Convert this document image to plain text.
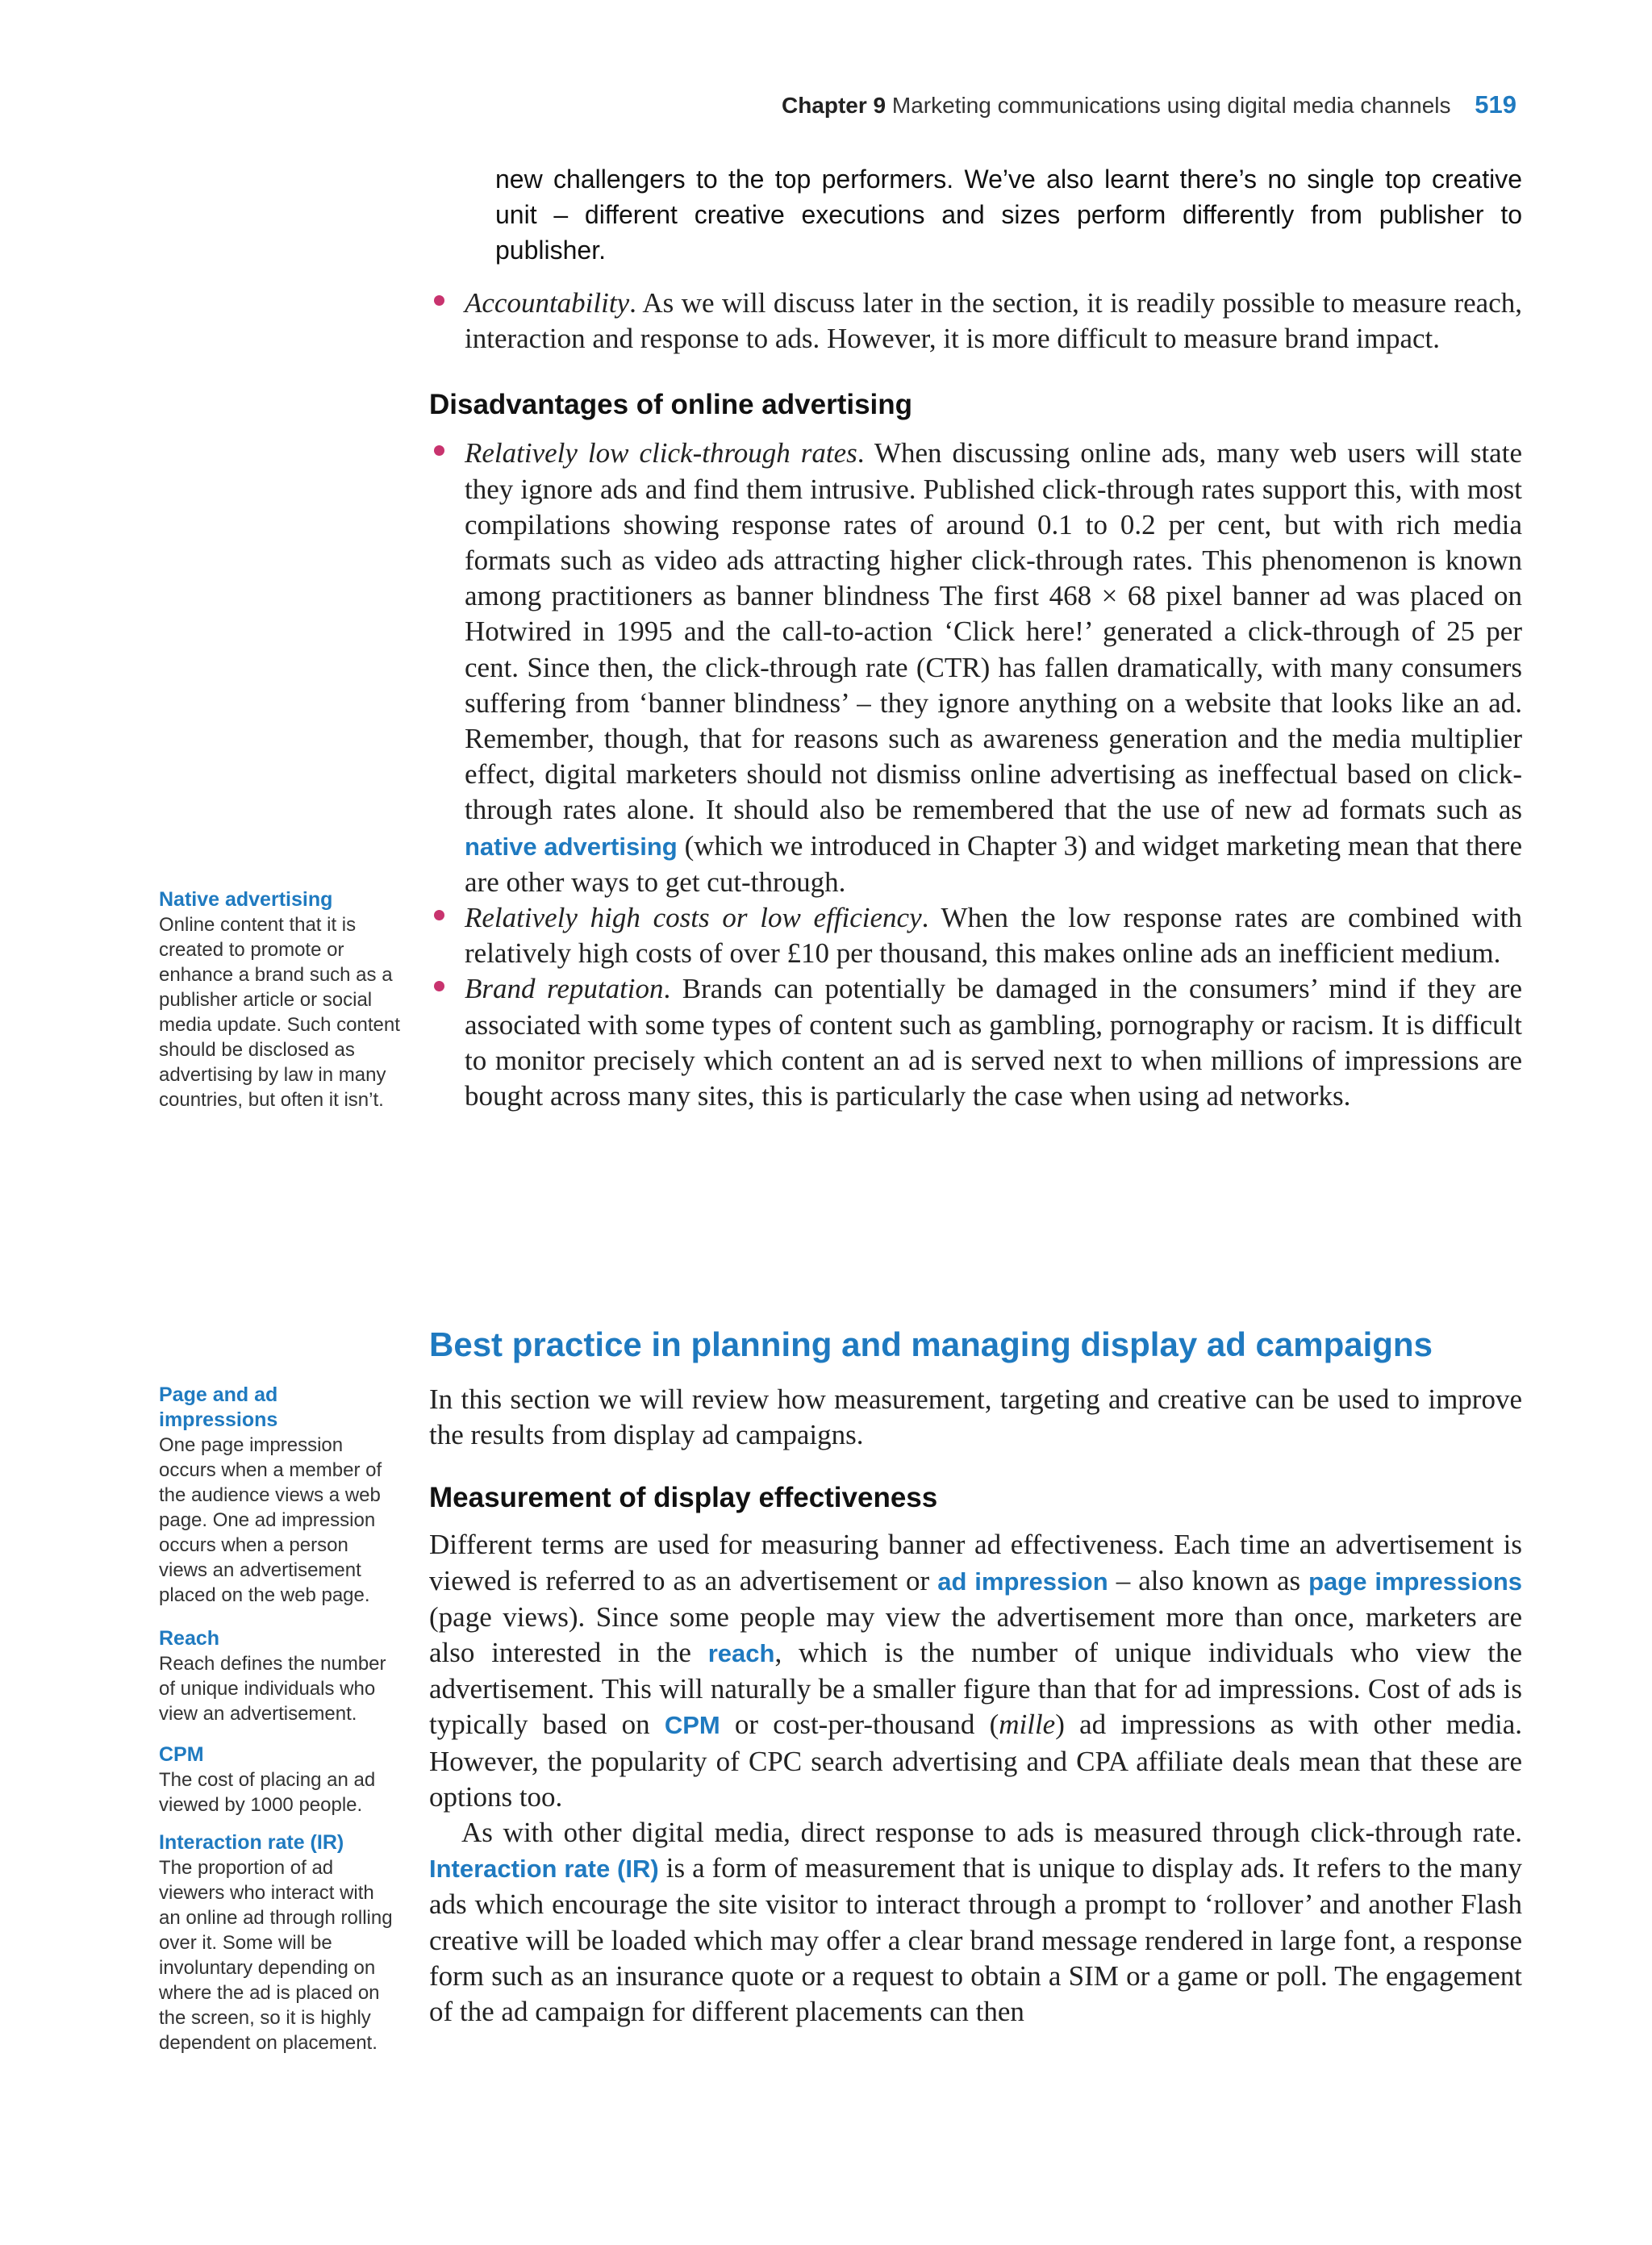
Chapter 9 Marketing communications using digital media channels 519
new challengers to the top performers. We’ve also learnt there’s no single top creative unit – different creative executions and sizes perform differently from publisher to publisher.
Accountability. As we will discuss later in the section, it is readily possible to measure reach, interaction and response to ads. However, it is more difficult to measure brand impact.
Disadvantages of online advertising
Relatively low click-through rates. When discussing online ads, many web users will state they ignore ads and find them intrusive. Published click-through rates support this, with most compilations showing response rates of around 0.1 to 0.2 per cent, but with rich media formats such as video ads attracting higher click-through rates. This phenomenon is known among practitioners as banner blindness The first 468 × 68 pixel banner ad was placed on Hotwired in 1995 and the call-to-action ‘Click here!’ generated a click-through of 25 per cent. Since then, the click-through rate (CTR) has fallen dramatically, with many consumers suffering from ‘banner blindness’ – they ignore anything on a website that looks like an ad. Remember, though, that for reasons such as awareness generation and the media multiplier effect, digital marketers should not dismiss online advertising as ineffectual based on click-through rates alone. It should also be remembered that the use of new ad formats such as native advertising (which we introduced in Chapter 3) and widget marketing mean that there are other ways to get cut-through.
Relatively high costs or low efficiency. When the low response rates are combined with relatively high costs of over £10 per thousand, this makes online ads an inefficient medium.
Brand reputation. Brands can potentially be damaged in the consumers’ mind if they are associated with some types of content such as gambling, pornography or racism. It is difficult to monitor precisely which content an ad is served next to when millions of impressions are bought across many sites, this is particularly the case when using ad networks.
Best practice in planning and managing display ad campaigns
In this section we will review how measurement, targeting and creative can be used to improve the results from display ad campaigns.
Measurement of display effectiveness
Different terms are used for measuring banner ad effectiveness. Each time an advertisement is viewed is referred to as an advertisement or ad impression – also known as page impressions (page views). Since some people may view the advertisement more than once, marketers are also interested in the reach, which is the number of unique individuals who view the advertisement. This will naturally be a smaller figure than that for ad impressions. Cost of ads is typically based on CPM or cost-per-thousand (mille) ad impressions as with other media. However, the popularity of CPC search advertising and CPA affiliate deals mean that these are options too.
As with other digital media, direct response to ads is measured through click-through rate. Interaction rate (IR) is a form of measurement that is unique to display ads. It refers to the many ads which encourage the site visitor to interact through a prompt to ‘rollover’ and another Flash creative will be loaded which may offer a clear brand message rendered in large font, a response form such as an insurance quote or a request to obtain a SIM or a game or poll. The engagement of the ad campaign for different placements can then

Native advertising

Online content that it is created to promote or enhance a brand such as a publisher article or social media update. Such content should be disclosed as advertising by law in many countries, but often it isn’t.

Page and ad impressions

One page impression occurs when a member of the audience views a web page. One ad impression occurs when a person views an advertisement placed on the web page.

Reach

Reach defines the number of unique individuals who view an advertisement.

CPM

The cost of placing an ad viewed by 1000 people.

Interaction rate (IR)

The proportion of ad viewers who interact with an online ad through rolling over it. Some will be involuntary depending on where the ad is placed on the screen, so it is highly dependent on placement.
